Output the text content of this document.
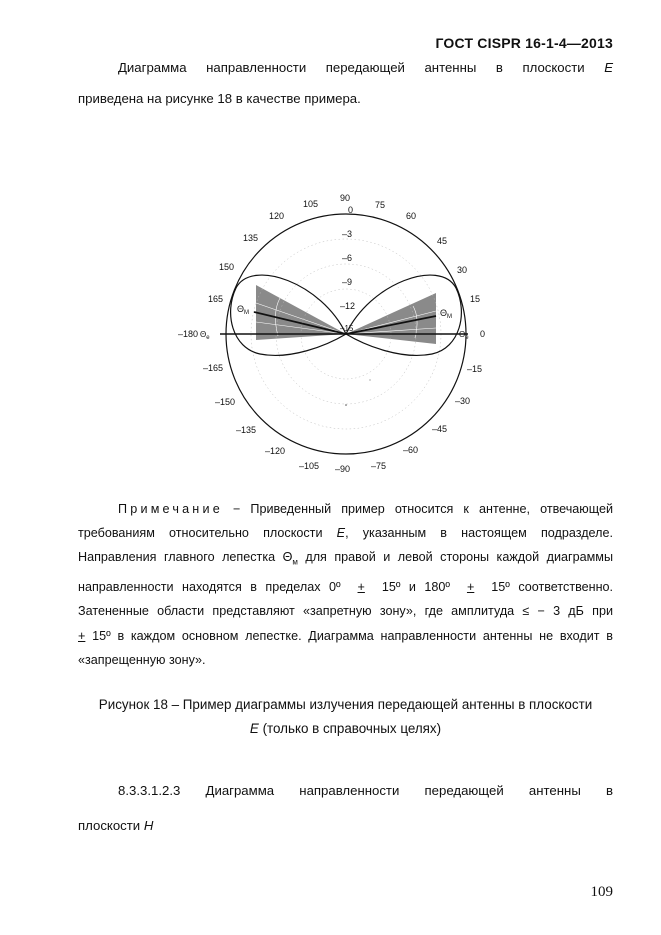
ГОСТ CISPR 16-1-4—2013
Диаграмма направленности передающей антенны в плоскости E
приведена на рисунке 18 в качестве примера.
90
0
–90
75
60
45
30
15
0
–15
–30
–45
–60
–75
105
120
135
150
165
–180
–165
–150
–135
–120
–105
–3
–6
–9
–12
–15
$\Theta_M$	$\Theta_M$
$\Theta_e$	$\Theta_e$
Примечание − Приведенный пример относится к антенне, отвечающей
требованиям относительно плоскости E, указанным в настоящем подразделе.
Направления главного лепестка $\Theta_м$ для правой и левой стороны каждой диаграммы
направленности находятся в пределах 0º + 15º и 180º + 15º соответственно.
Затененные области представляют «запретную зону», где амплитуда ≤ − 3 дБ при
+ 15º в каждом основном лепестке. Диаграмма направленности антенны не входит в
«запрещенную зону».
Рисунок 18 – Пример диаграммы излучения передающей антенны в плоскости
E (только в справочных целях)
8.3.3.1.2.3 Диаграмма направленности передающей антенны в
плоскости H
109
